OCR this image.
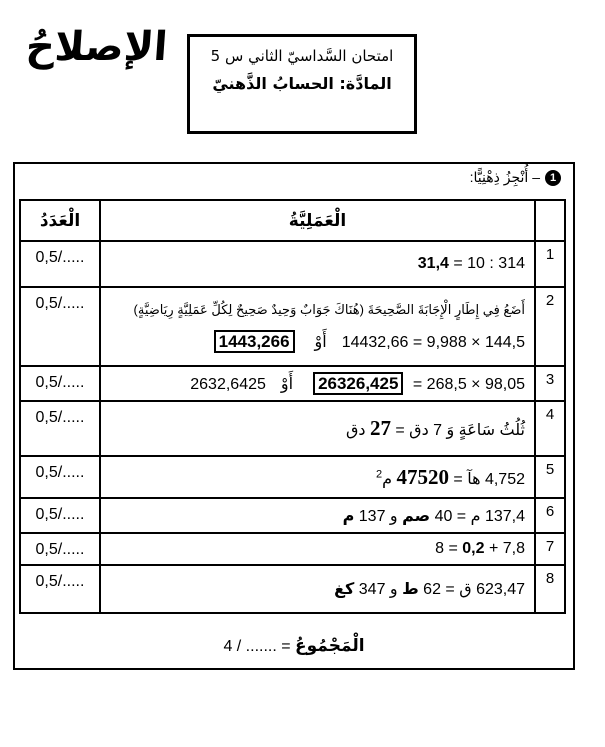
الإصلاحُ	امتحان السَّداسيّ الثاني س 5
المادَّة: الحسابُ الذَّهنيّ
1
– أُنْجِزُ ذِهْنِيًّا:
	الْعَمَلِيَّةُ	الْعَدَدُ
1	314 : 10 = 31,4	0,5/.....
2	أَضَعُ فِي إِطَارٍ الْإِجَابَةَ الصَّحِيحَةَ (هُنَاكَ جَوَابٌ وَحِيدٌ صَحِيحٌ لِكُلِّ عَمَلِيَّةٍ رِيَاضِيَّةٍ)
144,5 × 9,988 = 14432,66أَوْ1443,266	0,5/.....
3	98,05 × 268,5 = 26326,425أَوْ2632,6425	0,5/.....
4	ثُلُثُ سَاعَةٍ وَ 7 دق = 27 دق	0,5/.....
5	4,752 هآ = 47520 م$^2$	0,5/.....
6	137,4 م = 40 صم و 137 م	0,5/.....
7	7,8 + 0,2 = 8	0,5/.....
8	623,47 ق = 62 ط و 347 كغ	0,5/.....
الْمَجْمُوعُ = ....... / 4
